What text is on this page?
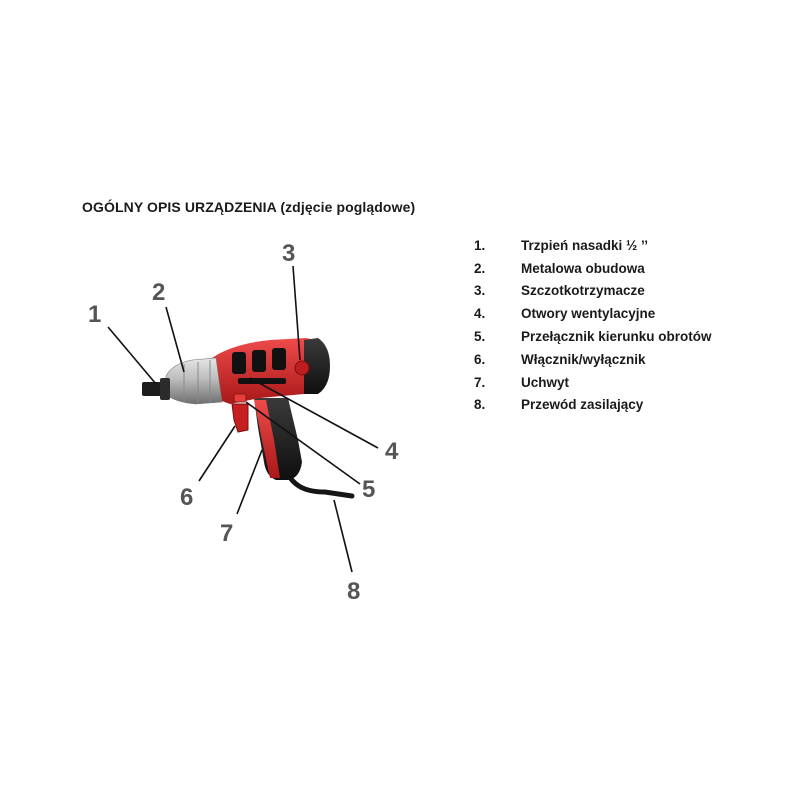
OGÓLNY OPIS URZĄDZENIA (zdjęcie poglądowe)
1
2
3
4
5
6
7
8
1.	Trzpień nasadki ½ ’’
2.	Metalowa obudowa
3.	Szczotkotrzymacze
4.	Otwory wentylacyjne
5.	Przełącznik kierunku obrotów
6.	Włącznik/wyłącznik
7.	Uchwyt
8.	Przewód zasilający
